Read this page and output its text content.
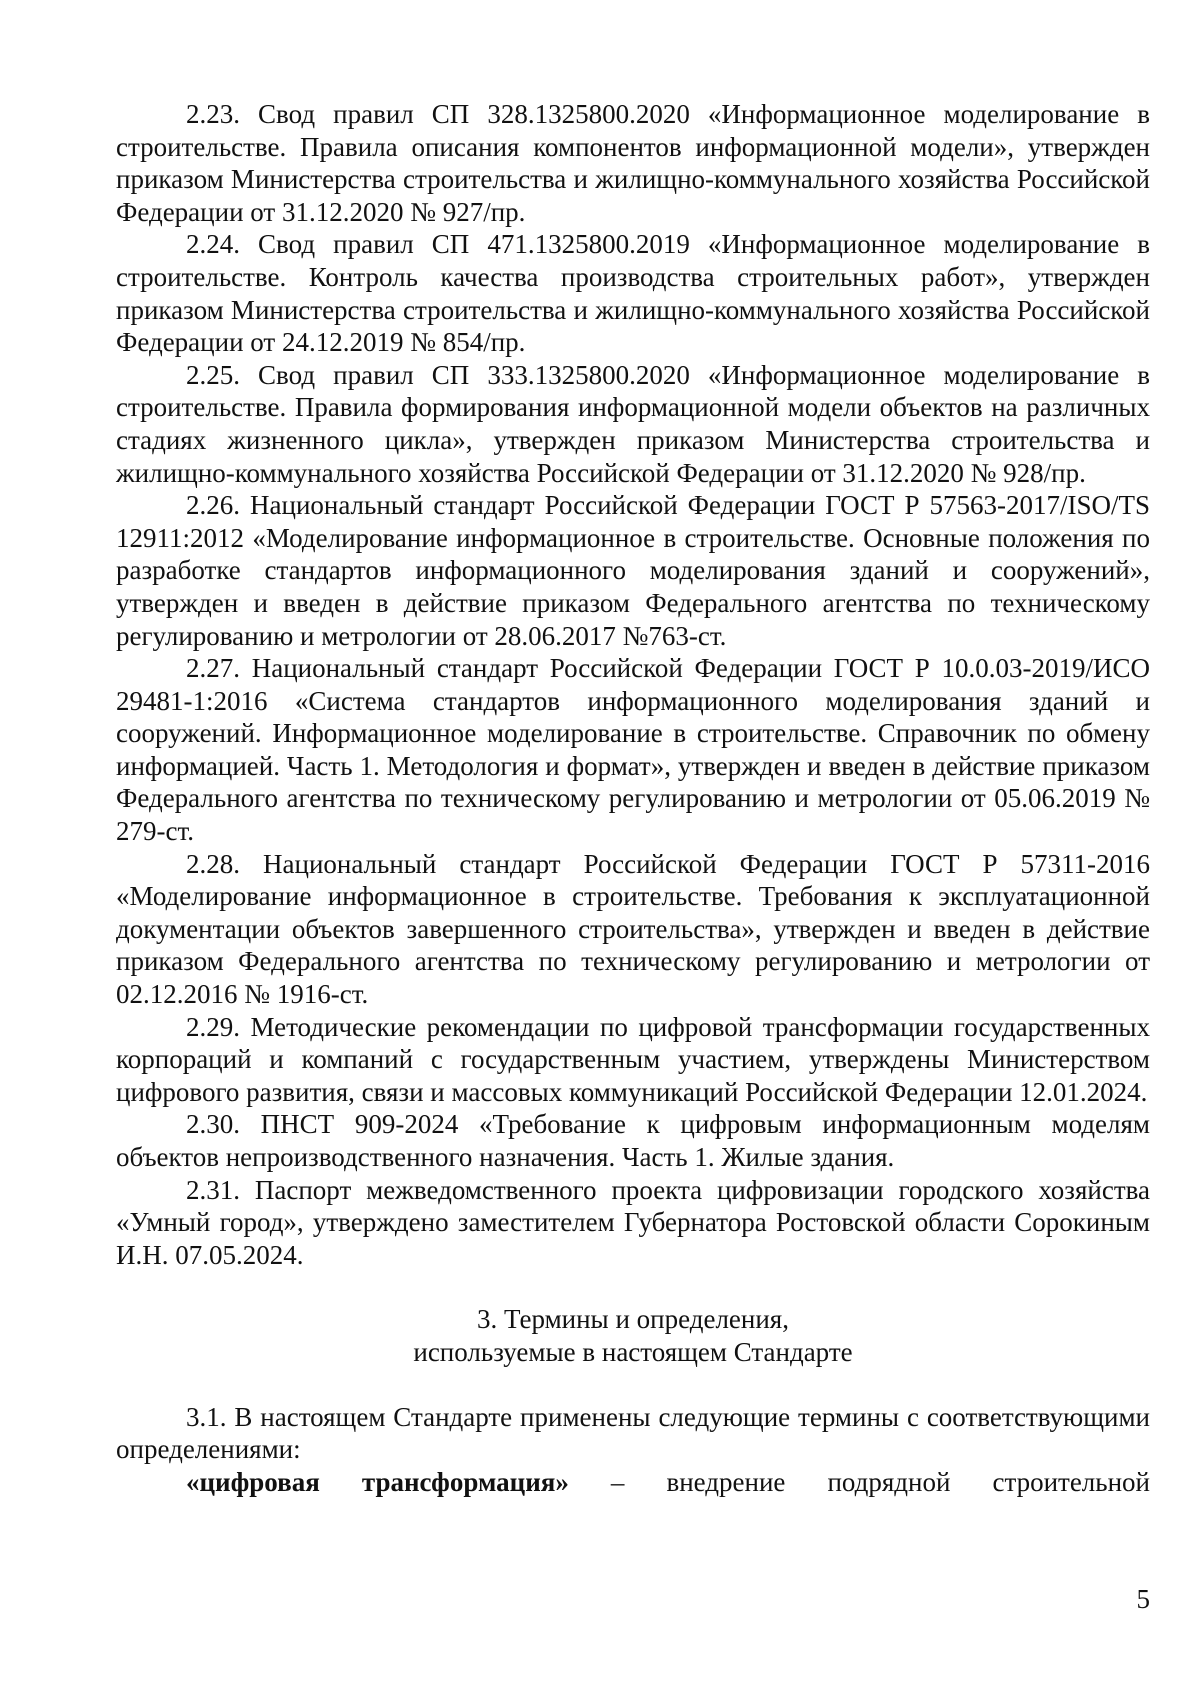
2.23. Свод правил СП 328.1325800.2020 «Информационное моделирование в строительстве. Правила описания компонентов информационной модели», утвержден приказом Министерства строительства и жилищно-коммунального хозяйства Российской Федерации от 31.12.2020 № 927/пр.

2.24. Свод правил СП 471.1325800.2019 «Информационное моделирование в строительстве. Контроль качества производства строительных работ», утвержден приказом Министерства строительства и жилищно-коммунального хозяйства Российской Федерации от 24.12.2019 № 854/пр.

2.25. Свод правил СП 333.1325800.2020 «Информационное моделирование в строительстве. Правила формирования информационной модели объектов на различных стадиях жизненного цикла», утвержден приказом Министерства строительства и жилищно-коммунального хозяйства Российской Федерации от 31.12.2020 № 928/пр.

2.26. Национальный стандарт Российской Федерации ГОСТ Р 57563-2017/ISO/TS 12911:2012 «Моделирование информационное в строительстве. Основные положения по разработке стандартов информационного моделирования зданий и сооружений», утвержден и введен в действие приказом Федерального агентства по техническому регулированию и метрологии от 28.06.2017 №763-ст.

2.27. Национальный стандарт Российской Федерации ГОСТ Р 10.0.03-2019/ИСО 29481-1:2016 «Система стандартов информационного моделирования зданий и сооружений. Информационное моделирование в строительстве. Справочник по обмену информацией. Часть 1. Методология и формат», утвержден и введен в действие приказом Федерального агентства по техническому регулированию и метрологии от 05.06.2019 № 279-ст.

2.28. Национальный стандарт Российской Федерации ГОСТ Р 57311-2016 «Моделирование информационное в строительстве. Требования к эксплуатационной документации объектов завершенного строительства», утвержден и введен в действие приказом Федерального агентства по техническому регулированию и метрологии от 02.12.2016 № 1916-ст.

2.29. Методические рекомендации по цифровой трансформации государственных корпораций и компаний с государственным участием, утверждены Министерством цифрового развития, связи и массовых коммуникаций Российской Федерации 12.01.2024.

2.30. ПНСТ 909-2024 «Требование к цифровым информационным моделям объектов непроизводственного назначения. Часть 1. Жилые здания.

2.31. Паспорт межведомственного проекта цифровизации городского хозяйства «Умный город», утверждено заместителем Губернатора Ростовской области Сорокиным И.Н. 07.05.2024.

3. Термины и определения,

используемые в настоящем Стандарте

3.1. В настоящем Стандарте применены следующие термины с соответствующими определениями:

«цифровая трансформация» – внедрение подрядной строительной

5
